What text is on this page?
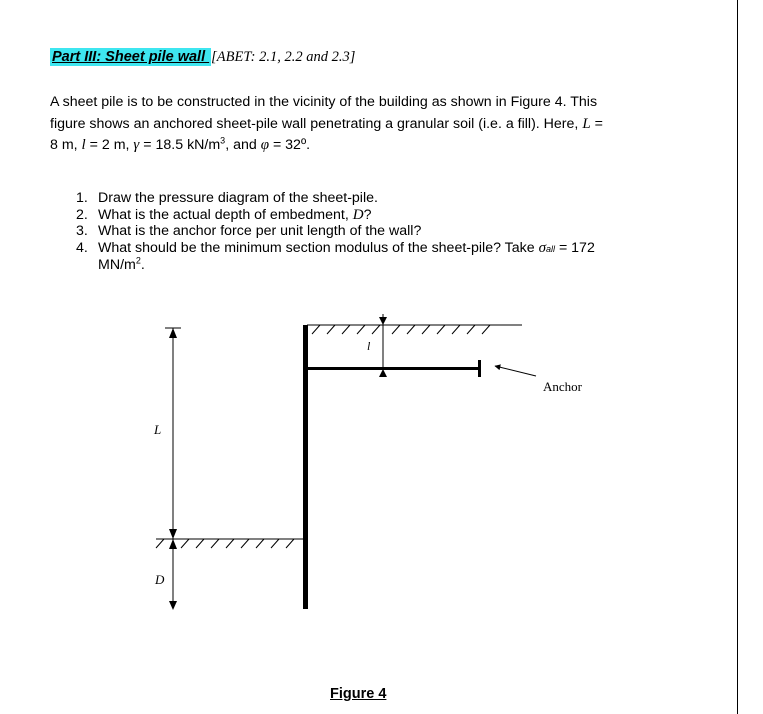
Part III: Sheet pile wall [ABET: 2.1, 2.2 and 2.3]
A sheet pile is to be constructed in the vicinity of the building as shown in Figure 4. This
figure shows an anchored sheet-pile wall penetrating a granular soil (i.e. a fill). Here, L =
8 m, l = 2 m, γ = 18.5 $kN/m^3$, and φ = 32º.
1. Draw the pressure diagram of the sheet-pile.
2. What is the actual depth of embedment, D?
3. What is the anchor force per unit length of the wall?
4. What should be the minimum section modulus of the sheet-pile? Take σall = 172
$MN/m^2$.
L
D
l
Anchor
Figure 4
